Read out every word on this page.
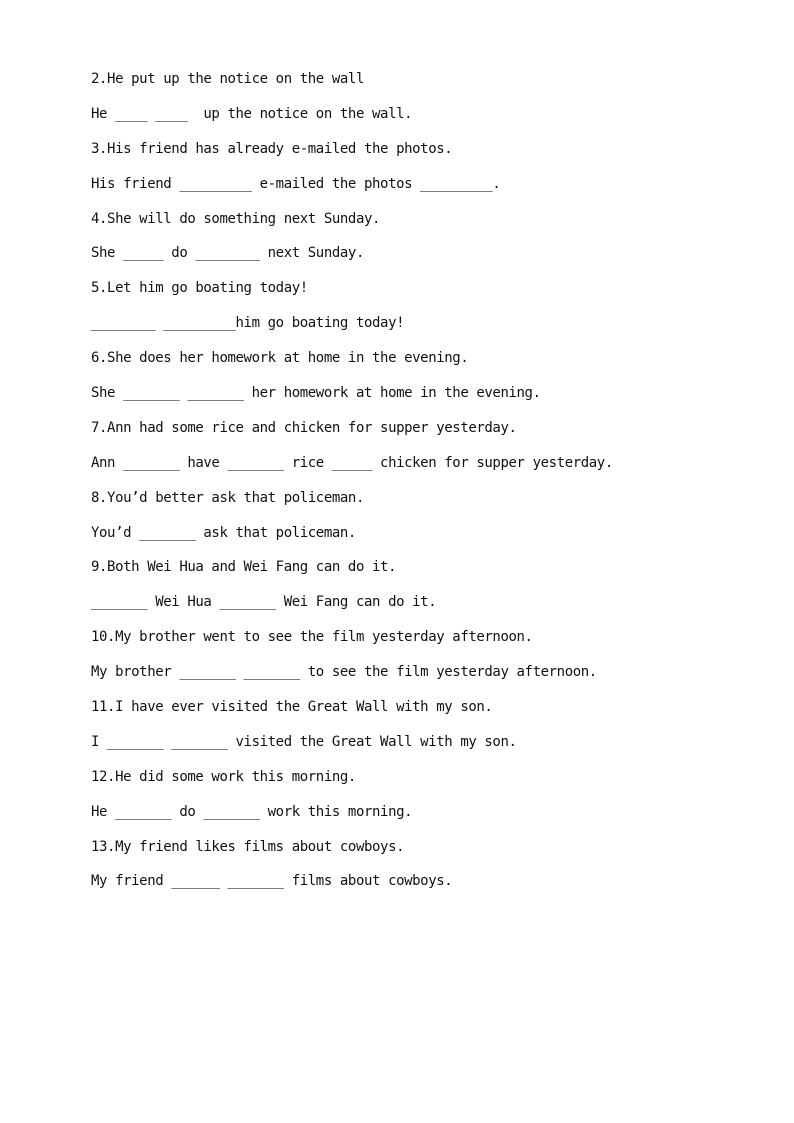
2.He put up the notice on the wall
He ____ ____  up the notice on the wall.
3.His friend has already e-mailed the photos.
His friend _________ e-mailed the photos _________.
4.She will do something next Sunday.
She _____ do ________ next Sunday.
5.Let him go boating today!
________ _________him go boating today!
6.She does her homework at home in the evening.
She _______ _______ her homework at home in the evening.
7.Ann had some rice and chicken for supper yesterday.
Ann _______ have _______ rice _____ chicken for supper yesterday.
8.You’d better ask that policeman.
You’d _______ ask that policeman.
9.Both Wei Hua and Wei Fang can do it.
_______ Wei Hua _______ Wei Fang can do it.
10.My brother went to see the film yesterday afternoon.
My brother _______ _______ to see the film yesterday afternoon.
11.I have ever visited the Great Wall with my son.
I _______ _______ visited the Great Wall with my son.
12.He did some work this morning.
He _______ do _______ work this morning.
13.My friend likes films about cowboys.
My friend ______ _______ films about cowboys.
